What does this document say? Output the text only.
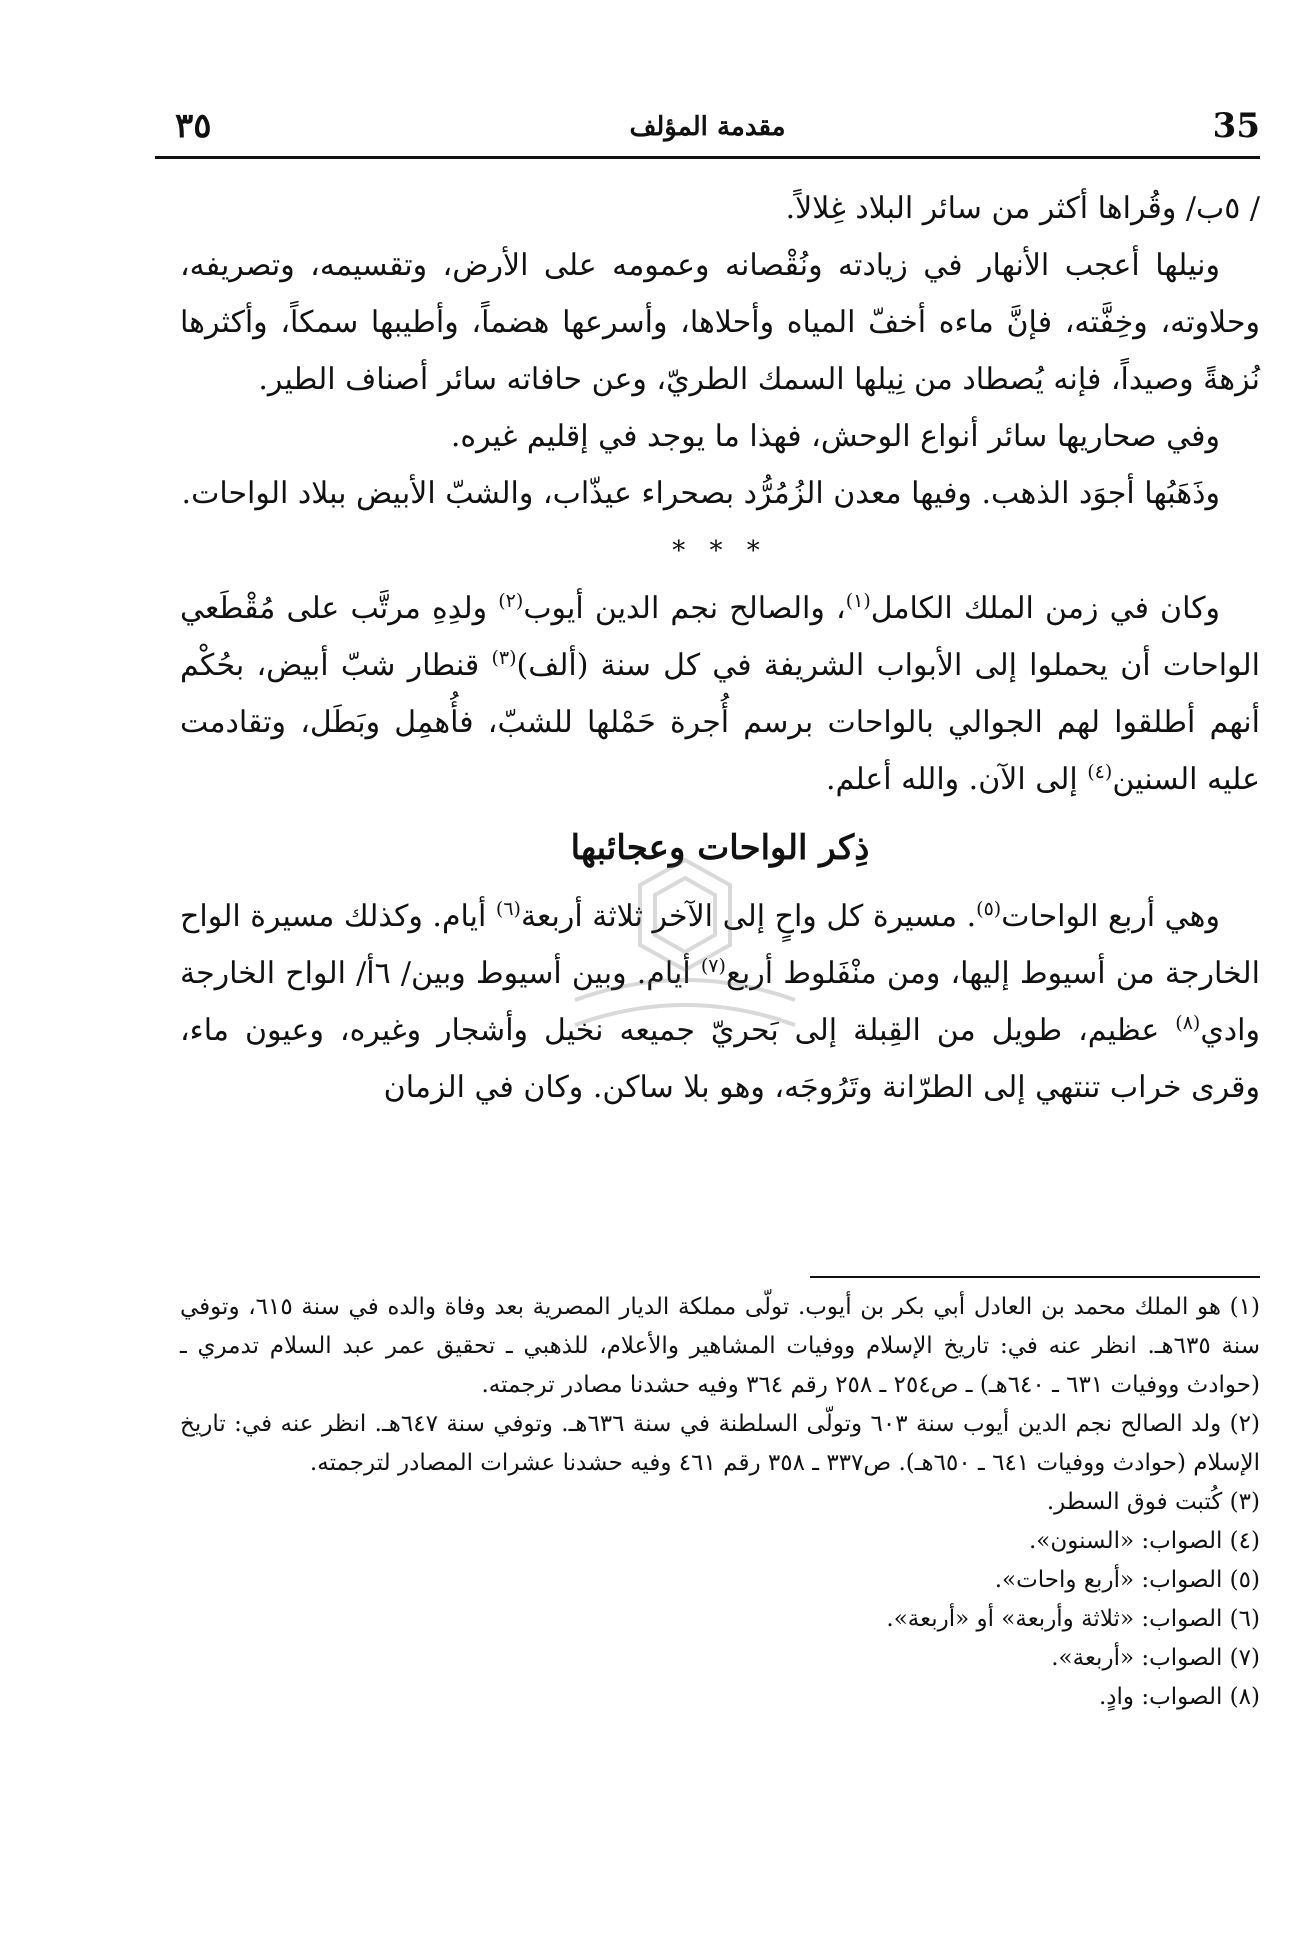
٣٥	مقدمة المؤلف	35

/ ٥ب/ وقُراها أكثر من سائر البلاد غِلالاً.

ونيلها أعجب الأنهار في زيادته ونُقْصانه وعمومه على الأرض، وتقسيمه، وتصريفه، وحلاوته، وخِفَّته، فإنَّ ماءه أخفّ المياه وأحلاها، وأسرعها هضماً، وأطيبها سمكاً، وأكثرها نُزهةً وصيداً، فإنه يُصطاد من نِيلها السمك الطريّ، وعن حافاته سائر أصناف الطير.

وفي صحاريها سائر أنواع الوحش، فهذا ما يوجد في إقليم غيره.

وذَهَبُها أجوَد الذهب. وفيها معدن الزُمُرُّد بصحراء عيذّاب، والشبّ الأبيض ببلاد الواحات.

* * *

وكان في زمن الملك الكامل$^{(١)}$، والصالح نجم الدين أيوب$^{(٢)}$ ولدِهِ مرتَّب على مُقْطَعي الواحات أن يحملوا إلى الأبواب الشريفة في كل سنة (ألف)$^{(٣)}$ قنطار شبّ أبيض، بحُكْم أنهم أطلقوا لهم الجوالي بالواحات برسم أُجرة حَمْلها للشبّ، فأُهمِل وبَطَل، وتقادمت عليه السنين$^{(٤)}$ إلى الآن. والله أعلم.

ذِكر الواحات وعجائبها

وهي أربع الواحات$^{(٥)}$. مسيرة كل واحٍ إلى الآخر ثلاثة أربعة$^{(٦)}$ أيام. وكذلك مسيرة الواح الخارجة من أسيوط إليها، ومن منْفَلوط أربع$^{(٧)}$ أيام. وبين أسيوط وبين/ ٦أ/ الواح الخارجة وادي$^{(٨)}$ عظيم، طويل من القِبلة إلى بَحريّ جميعه نخيل وأشجار وغيره، وعيون ماء، وقرى خراب تنتهي إلى الطرّانة وتَرُوجَه، وهو بلا ساكن. وكان في الزمان

(١) هو الملك محمد بن العادل أبي بكر بن أيوب. تولّى مملكة الديار المصرية بعد وفاة والده في سنة ٦١٥، وتوفي سنة ٦٣٥هـ. انظر عنه في: تاريخ الإسلام ووفيات المشاهير والأعلام، للذهبي ـ تحقيق عمر عبد السلام تدمري ـ (حوادث ووفيات ٦٣١ ـ ٦٤٠هـ) ـ ص٢٥٤ ـ ٢٥٨ رقم ٣٦٤ وفيه حشدنا مصادر ترجمته.

(٢) ولد الصالح نجم الدين أيوب سنة ٦٠٣ وتولّى السلطنة في سنة ٦٣٦هـ. وتوفي سنة ٦٤٧هـ. انظر عنه في: تاريخ الإسلام (حوادث ووفيات ٦٤١ ـ ٦٥٠هـ). ص٣٣٧ ـ ٣٥٨ رقم ٤٦١ وفيه حشدنا عشرات المصادر لترجمته.

(٣) كُتبت فوق السطر.

(٤) الصواب: «السنون».

(٥) الصواب: «أربع واحات».

(٦) الصواب: «ثلاثة وأربعة» أو «أربعة».

(٧) الصواب: «أربعة».

(٨) الصواب: وادٍ.
